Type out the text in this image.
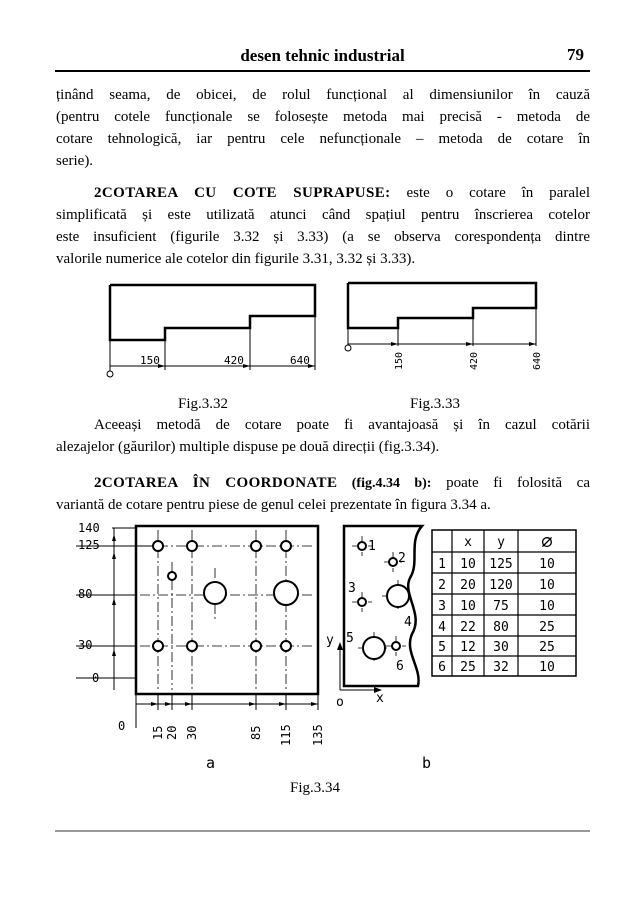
desen tehnic industrial	79
ținând seama, de obicei, de rolul funcțional al dimensiunilor în cauză
(pentru cotele funcționale se folosește metoda mai precisă - metoda de
cotare tehnologică, iar pentru cele nefuncționale – metoda de cotare în
serie).
2COTAREA CU COTE SUPRAPUSE: este o cotare în paralel
simplificată și este utilizată atunci când spațiul pentru înscrierea cotelor
este insuficient (figurile 3.32 și 3.33) (a se observa corespondența dintre
valorile numerice ale cotelor din figurile 3.31, 3.32 și 3.33).
150	420	640	150	420	640
Fig.3.32	Fig.3.33
Aceeași metodă de cotare poate fi avantajoasă și în cazul cotării
alezajelor (găurilor) multiple dispuse pe două direcții (fig.3.34).
2COTAREA ÎN COORDONATE (fig.4.34 b): poate fi folosită ca
variantă de cotare pentru piese de genul celei prezentate în figura 3.34 a.
140
125
80
30
0
0 15 20 30	85 115 135
a
1
2
3
4
5
6
y
x
o
b
x y ∅
1 10 125 10
2 20 120 10
3 10 75 10
4 22 80 25
5 12 30 25
6 25 32 10
Fig.3.34
